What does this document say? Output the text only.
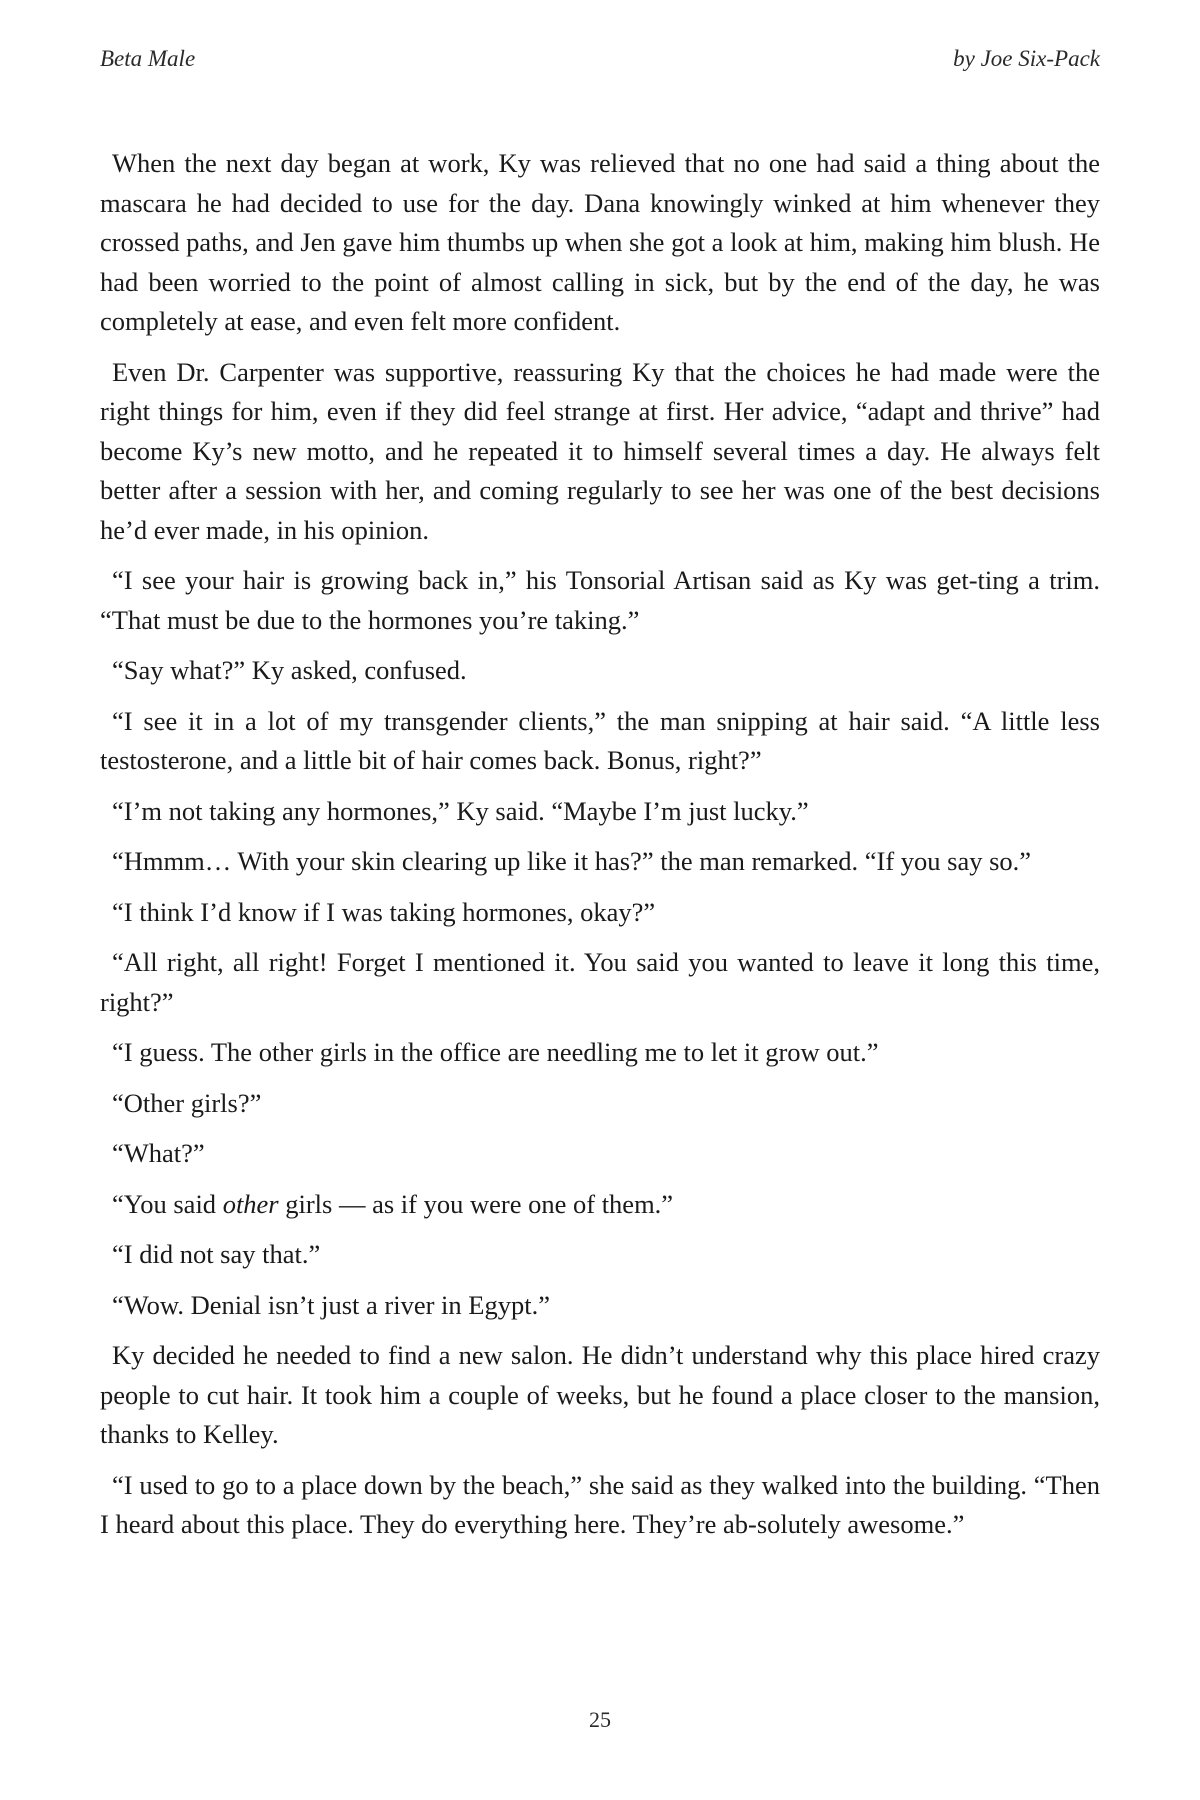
Beta Male	by Joe Six-Pack

When the next day began at work, Ky was relieved that no one had said a thing about the mascara he had decided to use for the day. Dana knowingly winked at him whenever they crossed paths, and Jen gave him thumbs up when she got a look at him, making him blush. He had been worried to the point of almost calling in sick, but by the end of the day, he was completely at ease, and even felt more confident.

Even Dr. Carpenter was supportive, reassuring Ky that the choices he had made were the right things for him, even if they did feel strange at first. Her advice, “adapt and thrive” had become Ky’s new motto, and he repeated it to himself several times a day. He always felt better after a session with her, and coming regularly to see her was one of the best decisions he’d ever made, in his opinion.

“I see your hair is growing back in,” his Tonsorial Artisan said as Ky was get-ting a trim. “That must be due to the hormones you’re taking.”

“Say what?” Ky asked, confused.

“I see it in a lot of my transgender clients,” the man snipping at hair said. “A little less testosterone, and a little bit of hair comes back. Bonus, right?”

“I’m not taking any hormones,” Ky said. “Maybe I’m just lucky.”

“Hmmm… With your skin clearing up like it has?” the man remarked. “If you say so.”

“I think I’d know if I was taking hormones, okay?”

“All right, all right! Forget I mentioned it. You said you wanted to leave it long this time, right?”

“I guess. The other girls in the office are needling me to let it grow out.”

“Other girls?”

“What?”

“You said other girls — as if you were one of them.”

“I did not say that.”

“Wow. Denial isn’t just a river in Egypt.”

Ky decided he needed to find a new salon. He didn’t understand why this place hired crazy people to cut hair. It took him a couple of weeks, but he found a place closer to the mansion, thanks to Kelley.

“I used to go to a place down by the beach,” she said as they walked into the building. “Then I heard about this place. They do everything here. They’re ab-solutely awesome.”

25
